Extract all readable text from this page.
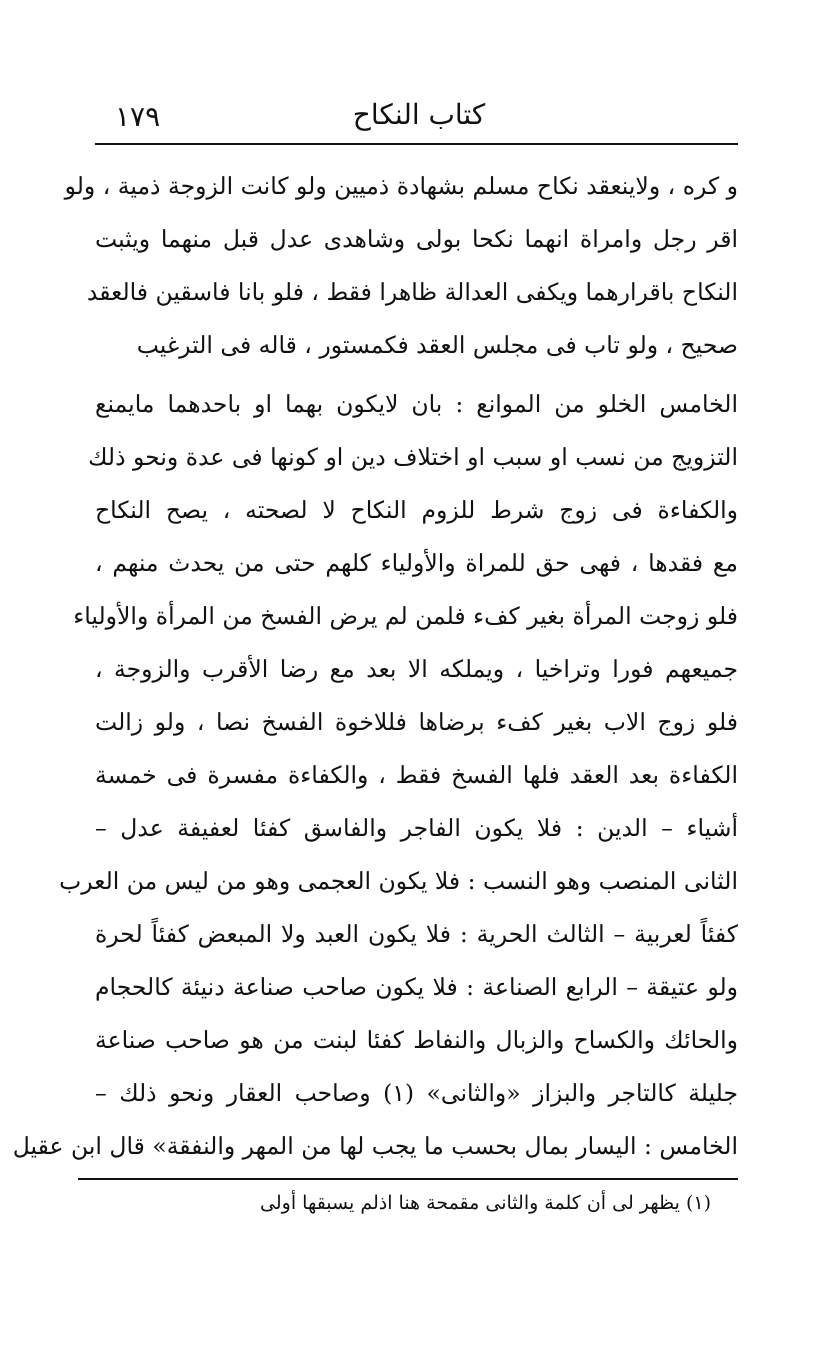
كتاب النكاح
١٧٩
و كره ، ولاينعقد نكاح مسلم بشهادة ذميين ولو كانت الزوجة ذمية ، ولو
اقر رجل وامراة انهما نكحا بولى وشاهدى عدل قبل منهما ويثبت
النكاح باقرارهما ويكفى العدالة ظاهرا فقط ، فلو بانا فاسقين فالعقد
صحيح ، ولو تاب فى مجلس العقد فكمستور ، قاله فى الترغيب
الخامس الخلو من الموانع : بان لايكون بهما او باحدهما مايمنع
التزويج من نسب او سبب او اختلاف دين او كونها فى عدة ونحو ذلك
والكفاءة فى زوج شرط للزوم النكاح لا لصحته ، يصح النكاح
مع فقدها ، فهى حق للمراة والأولياء كلهم حتى من يحدث منهم ،
فلو زوجت المرأة بغير كفء فلمن لم يرض الفسخ من المرأة والأولياء
جميعهم فورا وتراخيا ، ويملكه الا بعد مع رضا الأقرب والزوجة ،
فلو زوج الاب بغير كفء برضاها فللاخوة الفسخ نصا ، ولو زالت
الكفاءة بعد العقد فلها الفسخ فقط ، والكفاءة مفسرة فى خمسة
أشياء – الدين : فلا يكون الفاجر والفاسق كفئا لعفيفة عدل –
الثانى المنصب وهو النسب : فلا يكون العجمى وهو من ليس من العرب
كفئاً لعربية – الثالث الحرية : فلا يكون العبد ولا المبعض كفئاً لحرة
ولو عتيقة – الرابع الصناعة : فلا يكون صاحب صناعة دنيئة كالحجام
والحائك والكساح والزبال والنفاط كفئا لبنت من هو صاحب صناعة
جليلة كالتاجر والبزاز «والثانى» (١) وصاحب العقار ونحو ذلك –
الخامس : اليسار بمال بحسب ما يجب لها من المهر والنفقة» قال ابن عقيل
(١) يظهر لى أن كلمة والثانى مقمحة هنا اذلم يسبقها أولى
